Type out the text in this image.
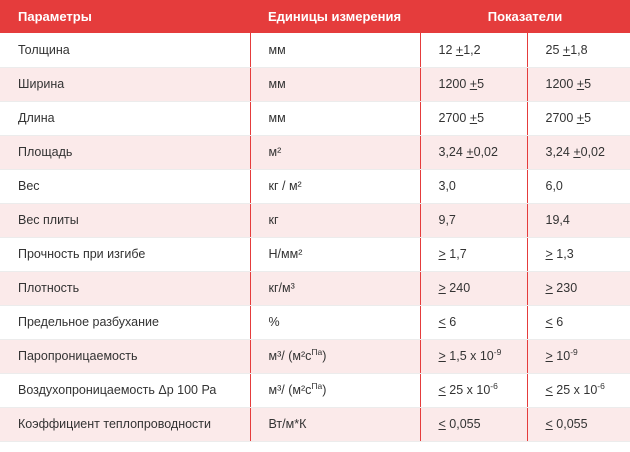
Параметры	Единицы измерения	Показатели	
Толщина	мм	12 +1,2	25 +1,8
Ширина	мм	1200 +5	1200 +5
Длина	мм	2700 +5	2700 +5
Площадь	м²	3,24 +0,02	3,24 +0,02
Вес	кг / м²	3,0	6,0
Вес плиты	кг	9,7	19,4
Прочность при изгибе	Н/мм²	> 1,7	> 1,3
Плотность	кг/м³	> 240	> 230
Предельное разбухание	%	< 6	< 6
Паропроницаемость	м³/ $(м^2с^{Па})$	> 1,5 x $10^{-9}$	> $10^{-9}$
Воздухопроницаемость Δр 100 Ра	м³/ $(м^2с^{Па})$	< 25 x $10^{-6}$	< 25 x $10^{-6}$
Коэффициент теплопроводности	Вт/м*К	< 0,055	< 0,055
